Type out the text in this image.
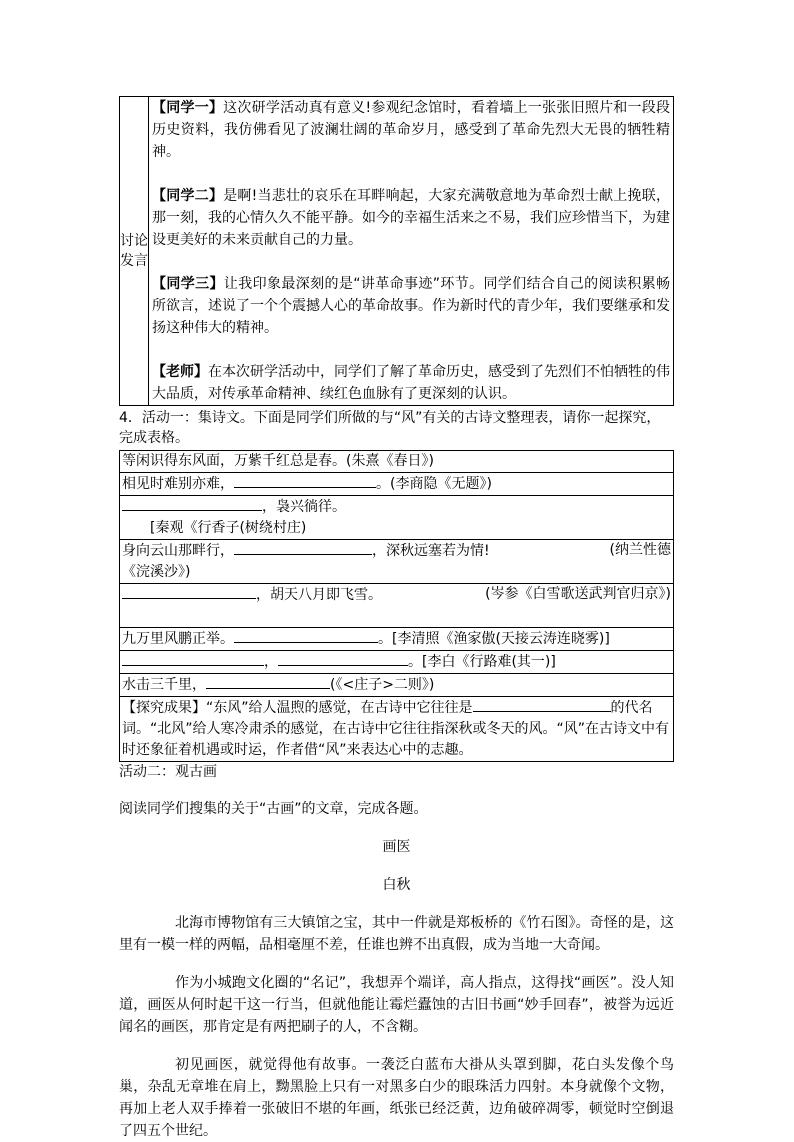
讨论
发言

【同学一】这次研学活动真有意义!参观纪念馆时，看着墙上一张张旧照片和一段段历史资料，我仿佛看见了波澜壮阔的革命岁月，感受到了革命先烈大无畏的牺牲精神。

【同学二】是啊!当悲壮的哀乐在耳畔响起，大家充满敬意地为革命烈士献上挽联，那一刻，我的心情久久不能平静。如今的幸福生活来之不易，我们应珍惜当下，为建设更美好的未来贡献自己的力量。

【同学三】让我印象最深刻的是“讲革命事迹”环节。同学们结合自己的阅读积累畅所欲言，述说了一个个震撼人心的革命故事。作为新时代的青少年，我们要继承和发扬这种伟大的精神。

【老师】在本次研学活动中，同学们了解了革命历史，感受到了先烈们不怕牺牲的伟大品质，对传承革命精神、续红色血脉有了更深刻的认识。

4．活动一：集诗文。下面是同学们所做的与“风”有关的古诗文整理表，请你一起探究，完成表格。
等闲识得东风面，万紫千红总是春。(朱熹《春日》)
相见时难别亦难，	。(李商隐《无题》)

，袅兴徜徉。
[秦观《行香子(树绕村庄)

身向云山那畔行，	，深秋远塞若为情!	(纳兰性德
《浣溪沙》)

，胡天八月即飞雪。	(岑参《白雪歌送武判官归京》)

九万里风鹏正举。	。[李清照《渔家傲(天接云涛连晓雾)]
，	。[李白《行路难(其一)]
水击三千里，	(《<庄子>二则》)
【探究成果】“东风”给人温煦的感觉，在古诗中它往往是	的代名词。“北风”给人寒冷肃杀的感觉，在古诗中它往往指深秋或冬天的风。“风”在古诗文中有时还象征着机遇或时运，作者借“风”来表达心中的志趣。
活动二：观古画
阅读同学们搜集的关于“古画”的文章，完成各题。
画医
白秋

北海市博物馆有三大镇馆之宝，其中一件就是郑板桥的《竹石图》。奇怪的是，这里有一模一样的两幅，品相毫厘不差，任谁也辨不出真假，成为当地一大奇闻。

作为小城跑文化圈的“名记”，我想弄个端详，高人指点，这得找“画医”。没人知道，画医从何时起干这一行当，但就他能让霉烂蠹蚀的古旧书画“妙手回春”，被誉为远近闻名的画医，那肯定是有两把刷子的人，不含糊。

初见画医，就觉得他有故事。一袭泛白蓝布大褂从头罩到脚，花白头发像个鸟巢，杂乱无章堆在肩上，黝黑脸上只有一对黑多白少的眼珠活力四射。本身就像个文物，再加上老人双手捧着一张破旧不堪的年画，纸张已经泛黄，边角破碎凋零，顿觉时空倒退了四五个世纪。
